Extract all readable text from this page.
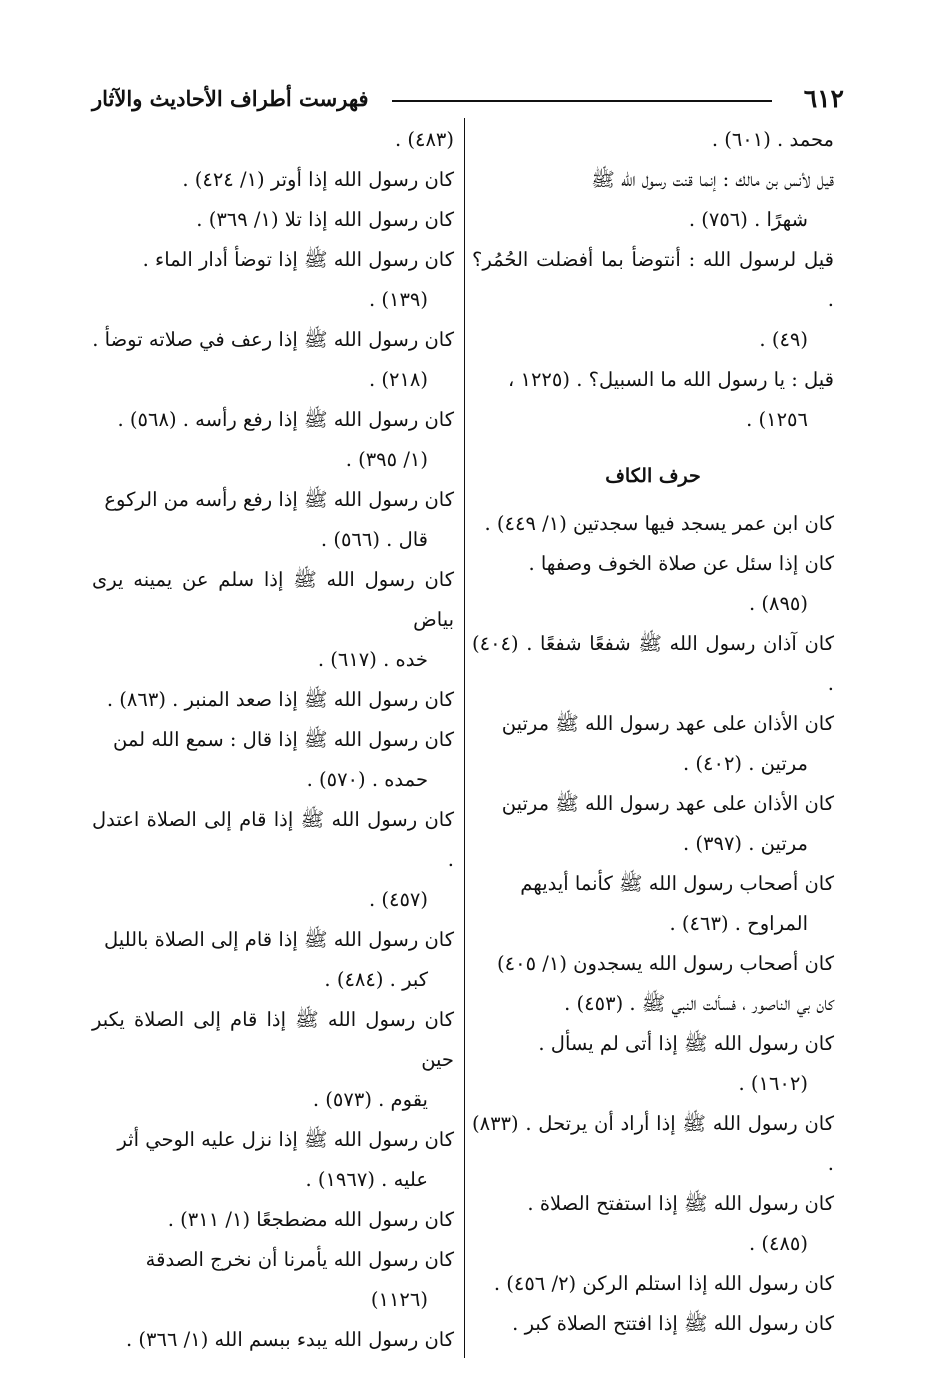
٦١٢
فهرست أطراف الأحاديث والآثار
محمد . (٦٠١) .
قيل لأنس بن مالك : إنما قنت رسول الله ﷺ
شهرًا . (٧٥٦) .
قيل لرسول الله : أنتوضأ بما أفضلت الحُمُر؟ .
(٤٩) .
قيل : يا رسول الله ما السبيل؟ . (١٢٢٥ ،
١٢٥٦) .
حرف الكاف
كان ابن عمر يسجد فيها سجدتين (١/ ٤٤٩) .
كان إذا سئل عن صلاة الخوف وصفها .
(٨٩٥) .
كان آذان رسول الله ﷺ شفعًا شفعًا . (٤٠٤) .
كان الأذان على عهد رسول الله ﷺ مرتين
مرتين . (٤٠٢) .
كان الأذان على عهد رسول الله ﷺ مرتين
مرتين . (٣٩٧) .
كان أصحاب رسول الله ﷺ كأنما أيديهم
المراوح . (٤٦٣) .
كان أصحاب رسول الله يسجدون (١/ ٤٠٥)
كان بي الناصور ، فسألت النبي ﷺ . (٤٥٣) .
كان رسول الله ﷺ إذا أتى لم يسأل .
(١٦٠٢) .
كان رسول الله ﷺ إذا أراد أن يرتحل . (٨٣٣) .
كان رسول الله ﷺ إذا استفتح الصلاة .
(٤٨٥) .
كان رسول الله إذا استلم الركن (٢/ ٤٥٦) .
كان رسول الله ﷺ إذا افتتح الصلاة كبر .
(٤٨٣) .
كان رسول الله إذا أوتر (١/ ٤٢٤) .
كان رسول الله إذا تلا (١/ ٣٦٩) .
كان رسول الله ﷺ إذا توضأ أدار الماء .
(١٣٩) .
كان رسول الله ﷺ إذا رعف في صلاته توضأ .
(٢١٨) .
كان رسول الله ﷺ إذا رفع رأسه . (٥٦٨) .
(١/ ٣٩٥) .
كان رسول الله ﷺ إذا رفع رأسه من الركوع
قال . (٥٦٦) .
كان رسول الله ﷺ إذا سلم عن يمينه يرى بياض
خده . (٦١٧) .
كان رسول الله ﷺ إذا صعد المنبر . (٨٦٣) .
كان رسول الله ﷺ إذا قال : سمع الله لمن
حمده . (٥٧٠) .
كان رسول الله ﷺ إذا قام إلى الصلاة اعتدل .
(٤٥٧) .
كان رسول الله ﷺ إذا قام إلى الصلاة بالليل
كبر . (٤٨٤) .
كان رسول الله ﷺ إذا قام إلى الصلاة يكبر حين
يقوم . (٥٧٣) .
كان رسول الله ﷺ إذا نزل عليه الوحي أثر
عليه . (١٩٦٧) .
كان رسول الله مضطجعًا (١/ ٣١١) .
كان رسول الله يأمرنا أن نخرج الصدقة
(١١٢٦)
كان رسول الله يبدء ببسم الله (١/ ٣٦٦) .
